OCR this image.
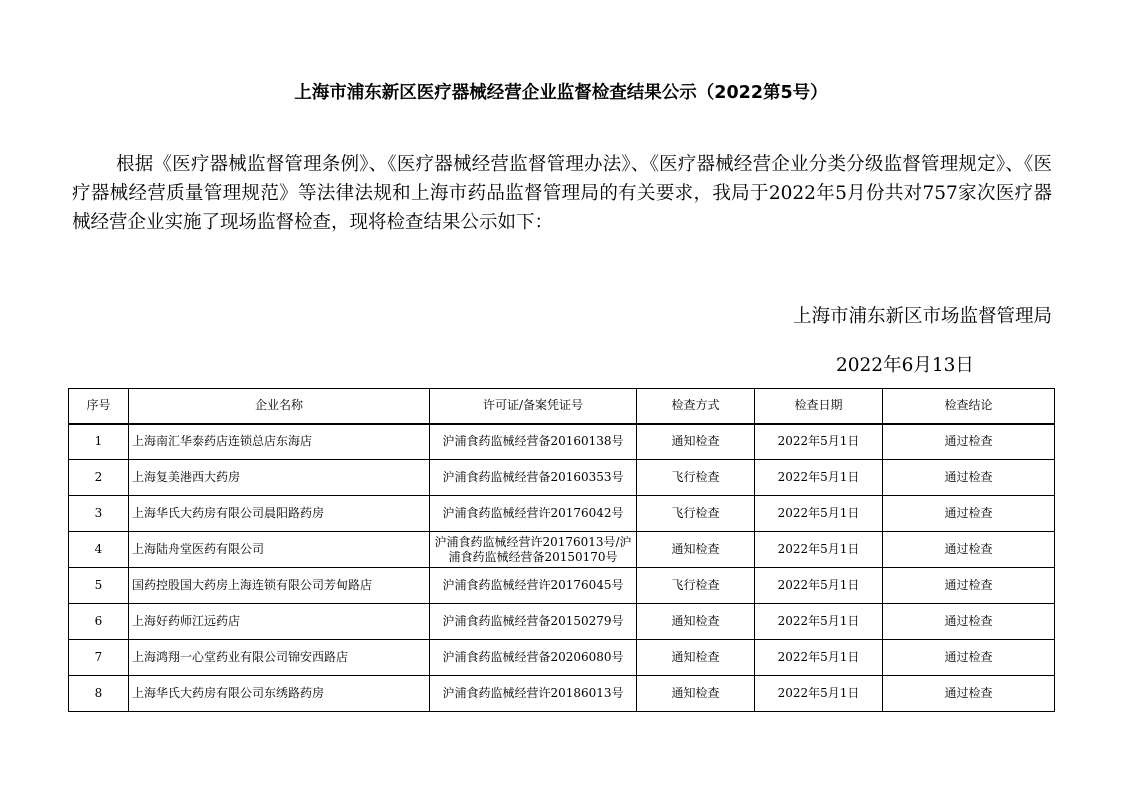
上海市浦东新区医疗器械经营企业监督检查结果公示（2022第5号）
根据《医疗器械监督管理条例》、《医疗器械经营监督管理办法》、《医疗器械经营企业分类分级监督管理规定》、《医疗器械经营质量管理规范》等法律法规和上海市药品监督管理局的有关要求，我局于2022年5月份共对757家次医疗器械经营企业实施了现场监督检查，现将检查结果公示如下：
上海市浦东新区市场监督管理局
2022年6月13日
序号	企业名称	许可证/备案凭证号	检查方式	检查日期	检查结论
1	上海南汇华泰药店连锁总店东海店	沪浦食药监械经营备20160138号	通知检查	2022年5月1日	通过检查
2	上海复美港西大药房	沪浦食药监械经营备20160353号	飞行检查	2022年5月1日	通过检查
3	上海华氏大药房有限公司晨阳路药房	沪浦食药监械经营许20176042号	飞行检查	2022年5月1日	通过检查
4	上海陆舟堂医药有限公司	沪浦食药监械经营许20176013号/沪浦食药监械经营备20150170号	通知检查	2022年5月1日	通过检查
5	国药控股国大药房上海连锁有限公司芳甸路店	沪浦食药监械经营许20176045号	飞行检查	2022年5月1日	通过检查
6	上海好药师江远药店	沪浦食药监械经营备20150279号	通知检查	2022年5月1日	通过检查
7	上海鸿翔一心堂药业有限公司锦安西路店	沪浦食药监械经营备20206080号	通知检查	2022年5月1日	通过检查
8	上海华氏大药房有限公司东绣路药房	沪浦食药监械经营许20186013号	通知检查	2022年5月1日	通过检查
